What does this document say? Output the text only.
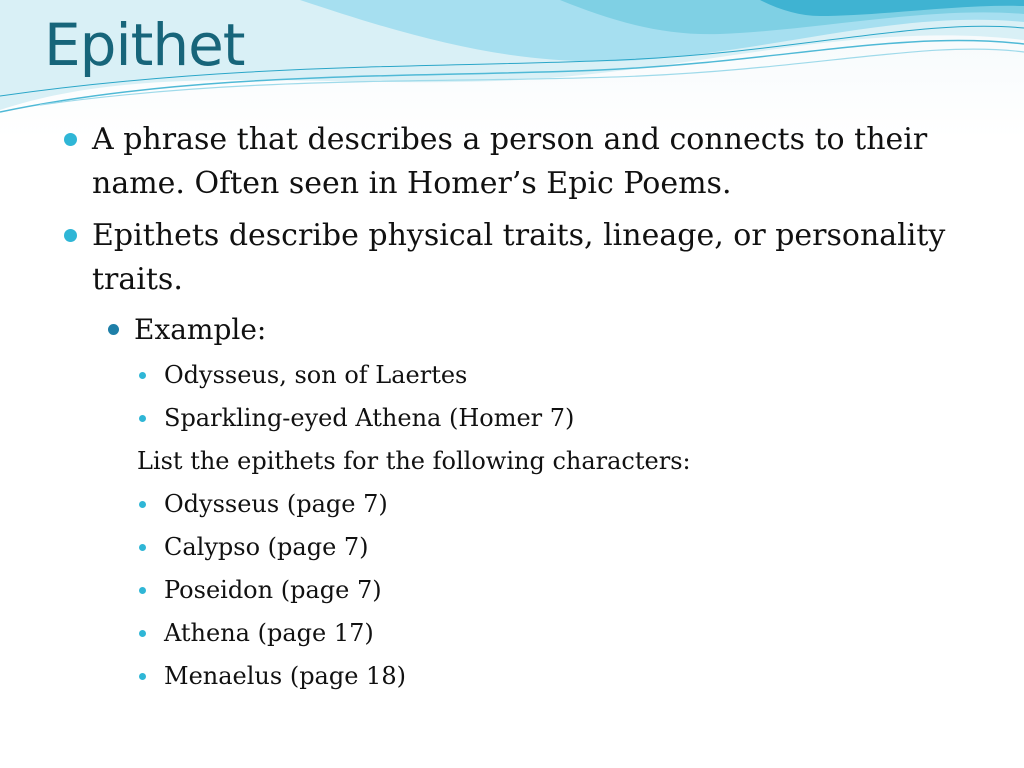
Epithet

A phrase that describes a person and connects to their name. Often seen in Homer’s Epic Poems.

Epithets describe physical traits, lineage, or personality traits.

Example:

Odysseus, son of Laertes

Sparkling-eyed Athena (Homer 7)

List the epithets for the following characters:

Odysseus (page 7)

Calypso (page 7)

Poseidon (page 7)

Athena (page 17)

Menaelus (page 18)
